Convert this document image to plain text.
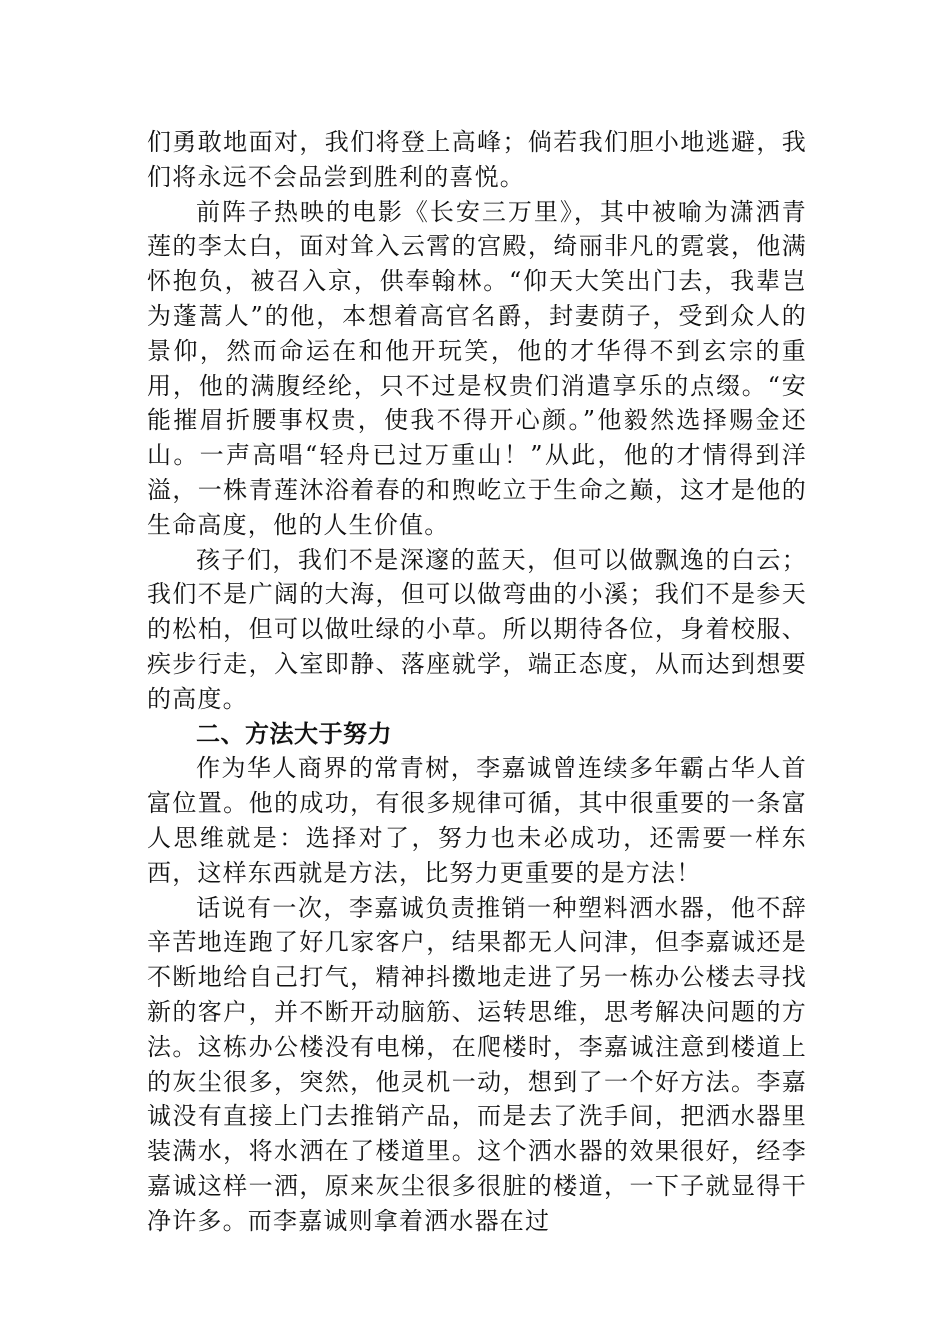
们勇敢地面对，我们将登上高峰；倘若我们胆小地逃避，我们将永远不会品尝到胜利的喜悦。

前阵子热映的电影《长安三万里》，其中被喻为潇洒青莲的李太白，面对耸入云霄的宫殿，绮丽非凡的霓裳，他满怀抱负，被召入京，供奉翰林。“仰天大笑出门去，我辈岂为蓬蒿人”的他，本想着高官名爵，封妻荫子，受到众人的景仰，然而命运在和他开玩笑，他的才华得不到玄宗的重用，他的满腹经纶，只不过是权贵们消遣享乐的点缀。“安能摧眉折腰事权贵，使我不得开心颜。”他毅然选择赐金还山。一声高唱“轻舟已过万重山！”从此，他的才情得到洋溢，一株青莲沐浴着春的和煦屹立于生命之巅，这才是他的生命高度，他的人生价值。

孩子们，我们不是深邃的蓝天，但可以做飘逸的白云；我们不是广阔的大海，但可以做弯曲的小溪；我们不是参天的松柏，但可以做吐绿的小草。所以期待各位，身着校服、疾步行走，入室即静、落座就学，端正态度，从而达到想要的高度。

二、方法大于努力

作为华人商界的常青树，李嘉诚曾连续多年霸占华人首富位置。他的成功，有很多规律可循，其中很重要的一条富人思维就是：选择对了，努力也未必成功，还需要一样东西，这样东西就是方法，比努力更重要的是方法！

话说有一次，李嘉诚负责推销一种塑料洒水器，他不辞辛苦地连跑了好几家客户，结果都无人问津，但李嘉诚还是不断地给自己打气，精神抖擞地走进了另一栋办公楼去寻找新的客户，并不断开动脑筋、运转思维，思考解决问题的方法。这栋办公楼没有电梯，在爬楼时，李嘉诚注意到楼道上的灰尘很多，突然，他灵机一动，想到了一个好方法。李嘉诚没有直接上门去推销产品，而是去了洗手间，把洒水器里装满水，将水洒在了楼道里。这个洒水器的效果很好，经李嘉诚这样一洒，原来灰尘很多很脏的楼道，一下子就显得干净许多。而李嘉诚则拿着洒水器在过
